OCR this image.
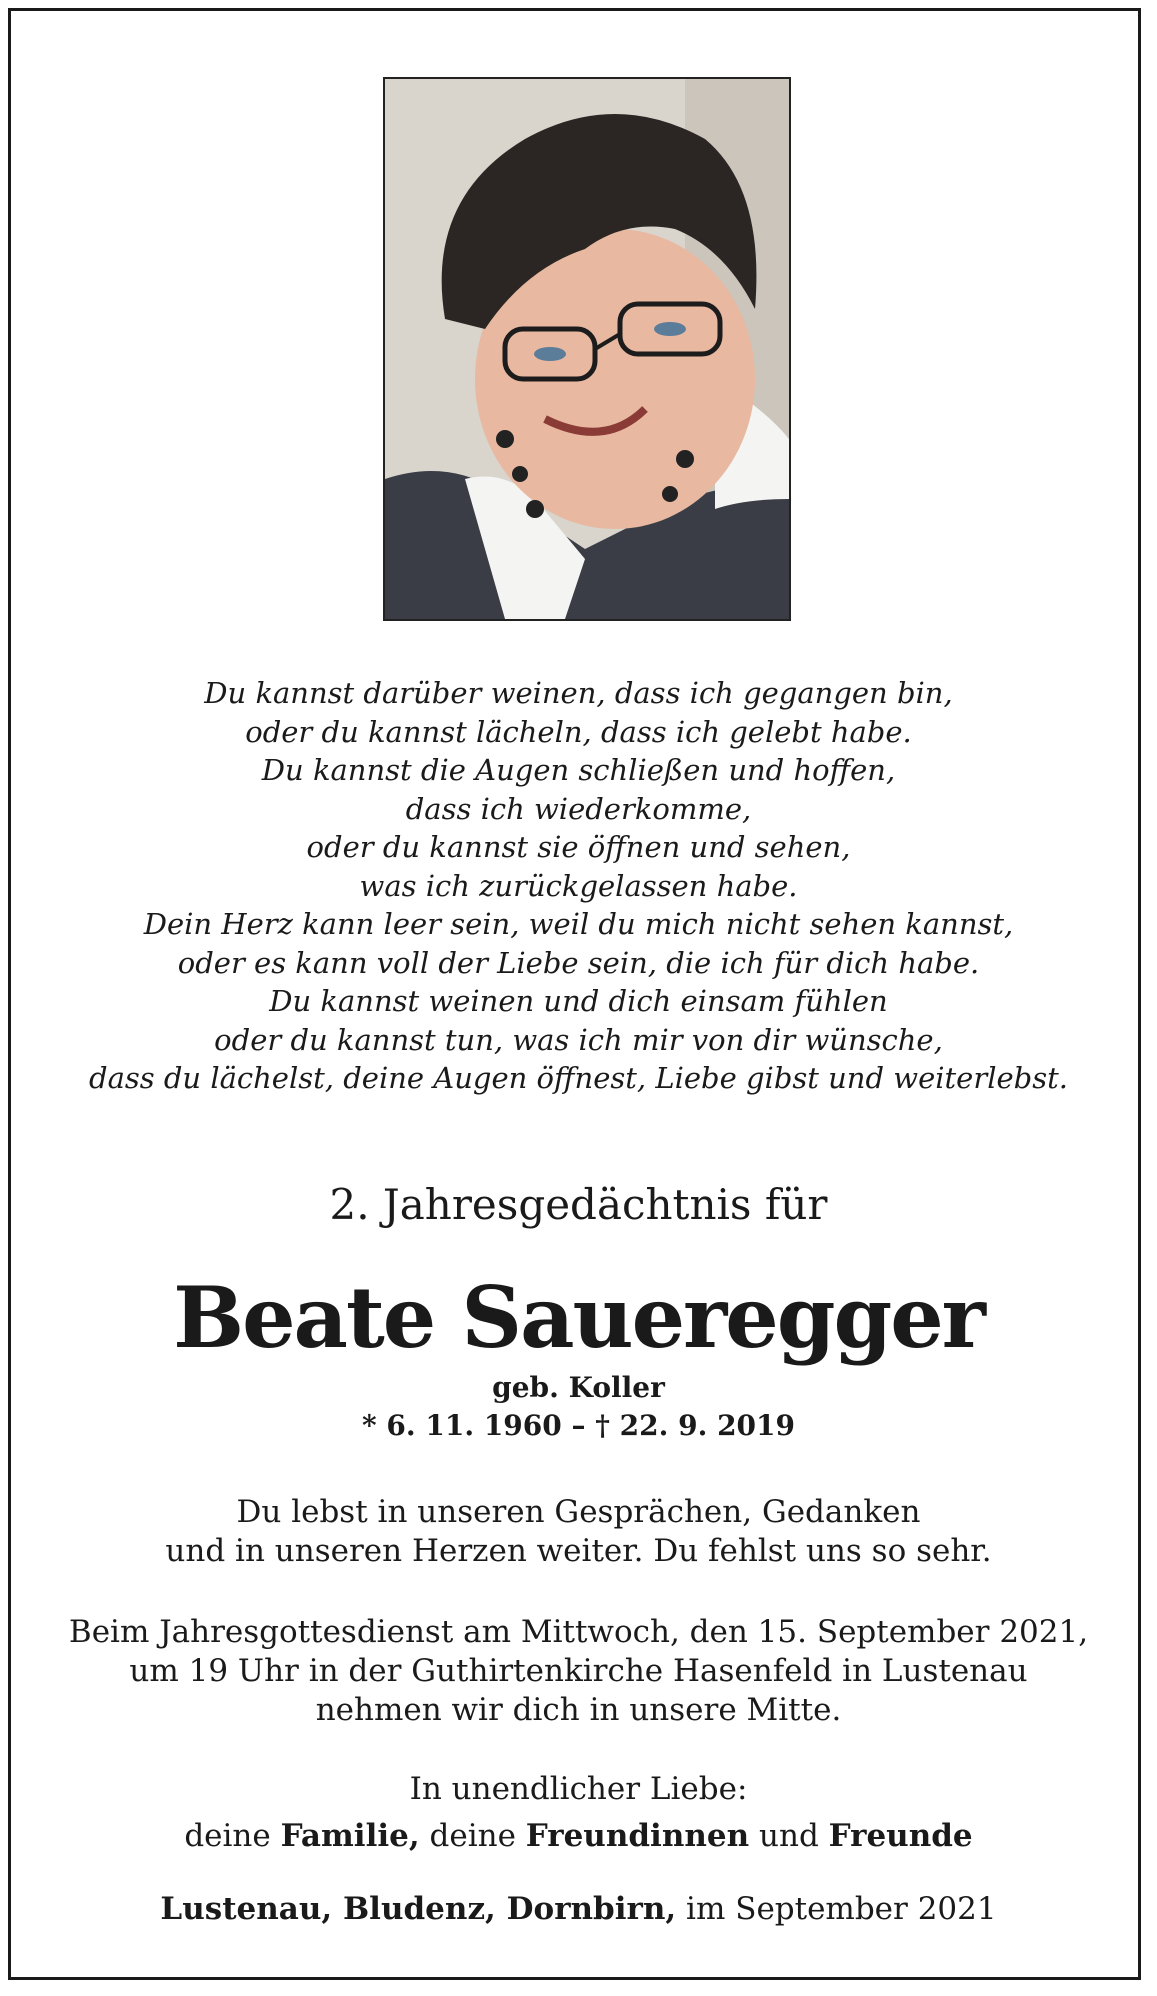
Du kannst darüber weinen, dass ich gegangen bin,
oder du kannst lächeln, dass ich gelebt habe.
Du kannst die Augen schließen und hoffen,
dass ich wiederkomme,
oder du kannst sie öffnen und sehen,
was ich zurückgelassen habe.
Dein Herz kann leer sein, weil du mich nicht sehen kannst,
oder es kann voll der Liebe sein, die ich für dich habe.
Du kannst weinen und dich einsam fühlen
oder du kannst tun, was ich mir von dir wünsche,
dass du lächelst, deine Augen öffnest, Liebe gibst und weiterlebst.
2. Jahresgedächtnis für
Beate Saueregger
geb. Koller
* 6. 11. 1960 – † 22. 9. 2019
Du lebst in unseren Gesprächen, Gedanken
und in unseren Herzen weiter. Du fehlst uns so sehr.
Beim Jahresgottesdienst am Mittwoch, den 15. September 2021,
um 19 Uhr in der Guthirtenkirche Hasenfeld in Lustenau
nehmen wir dich in unsere Mitte.
In unendlicher Liebe:
deine Familie, deine Freundinnen und Freunde
Lustenau, Bludenz, Dornbirn, im September 2021
